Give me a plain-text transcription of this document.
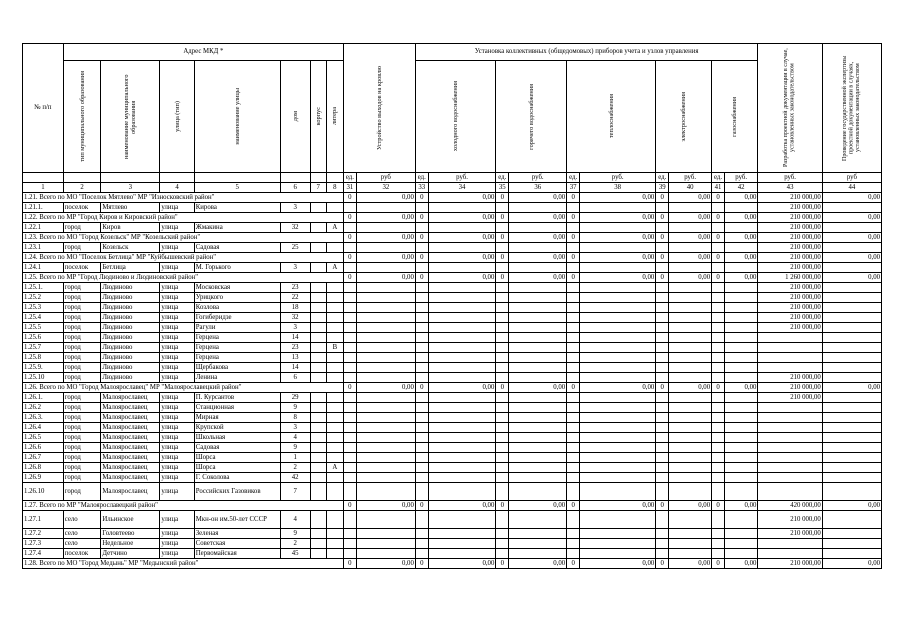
№ п/п	Адрес МКД *							Устройство выходов на кровлю		Установка коллективных (общедомовых) приборов учета и узлов управления										Разработка проектной документации в случае, установленных законодательством	Проведение государственной экспертизы проектной документации в случаях, установленных законодательством

	тип муниципального образования	наименование муниципального образования	улица (тип)	наименование улицы	дом	корпус	литера			холодного водоснабжения		горячего водоснабжения		теплоснабжения		электроснабжения		газоснабжения			

								ед.	руб	ед.	руб.	ед.	руб.	ед.	руб.	ед.	руб.	ед.	руб.	руб.	руб
1	2	3	4	5	6	7	8	31	32	33	34	35	36	37	38	39	40	41	42	43	44
1.21. Всего по МО "Поселок Мятлево" МР "Износковский район"								0	0,00	0	0,00	0	0,00	0	0,00	0	0,00	0	0,00	210 000,00	0,00
1.21.1.	поселок	Мятлево	улица	Кирова	3															210 000,00	
1.22. Всего по МР "Город Киров и Кировский район"								0	0,00	0	0,00	0	0,00	0	0,00	0	0,00	0	0,00	210 000,00	0,00
1.22.1	город	Киров	улица	Жмакина	32		А													210 000,00	
1.23. Всего по МО "Город Козельск" МР "Козельский район"								0	0,00	0	0,00	0	0,00	0	0,00	0	0,00	0	0,00	210 000,00	0,00
1.23.1	город	Козельск	улица	Садовая	25															210 000,00	
1.24. Всего по МО "Поселок Бетлица" МР "Куйбышевский район"								0	0,00	0	0,00	0	0,00	0	0,00	0	0,00	0	0,00	210 000,00	0,00
1.24.1	поселок	Бетлица	улица	М. Горького	3		А													210 000,00	
1.25. Всего по МР "Город Людиново и Людиновский район"								0	0,00	0	0,00	0	0,00	0	0,00	0	0,00	0	0,00	1 260 000,00	0,00
1.25.1.	город	Людиново	улица	Московская	23															210 000,00	
1.25.2	город	Людиново	улица	Урицкого	22															210 000,00	
1.25.3	город	Людиново	улица	Козлова	18															210 000,00	
1.25.4	город	Людиново	улица	Гогиберидзе	32															210 000,00	
1.25.5	город	Людиново	улица	Рагули	3															210 000,00	
1.25.6	город	Людиново	улица	Герцена	14																
1.25.7	город	Людиново	улица	Герцена	23		В														
1.25.8	город	Людиново	улица	Герцена	13																
1.25.9.	город	Людиново	улица	Щербакова	14																
1.25.10	город	Людиново	улица	Ленина	6															210 000,00	
1.26. Всего по МО "Город Малоярославец" МР "Малоярославецкий район"								0	0,00	0	0,00	0	0,00	0	0,00	0	0,00	0	0,00	210 000,00	0,00
1.26.1.	город	Малоярославец	улица	П. Курсантов	29															210 000,00	
1.26.2	город	Малоярославец	улица	Станционная	9																
1.26.3.	город	Малоярославец	улица	Мирная	8																
1.26.4	город	Малоярославец	улица	Крупской	3																
1.26.5	город	Малоярославец	улица	Школьная	4																
1.26.6	город	Малоярославец	улица	Садовая	9																
1.26.7	город	Малоярославец	улица	Шорса	1																
1.26.8	город	Малоярославец	улица	Шорса	2		А														
1.26.9	город	Малоярославец	улица	Г. Соколова	42																
1.26.10	город	Малоярославец	улица	Российских Газовиков	7																
1.27. Всего по МР "Малоярославецкий район"								0	0,00	0	0,00	0	0,00	0	0,00	0	0,00	0	0,00	420 000,00	0,00
1.27.1	село	Ильинское	улица	Мкн-он им.50-лет СССР	4															210 000,00	
1.27.2	село	Головтеево	улица	Зеленая	9															210 000,00	
1.27.3	село	Недельное	улица	Советская	2																
1.27.4	поселок	Детчино	улица	Первомайская	45																
1.28. Всего по МО "Город Медынь" МР "Медынский район"								0	0,00	0	0,00	0	0,00	0	0,00	0	0,00	0	0,00	210 000,00	0,00
